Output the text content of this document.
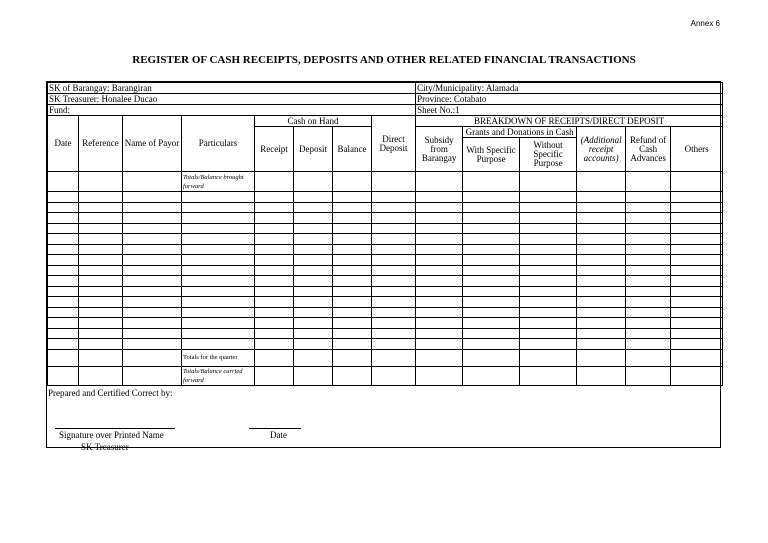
Annex 6
REGISTER OF CASH RECEIPTS, DEPOSITS AND OTHER RELATED FINANCIAL TRANSACTIONS
SK of Barangay: Barangiran								City/Municipality: Alamada					
SK Treasurer: Honalee Ducao								Province: Cotabato					
Fund:								Sheet No.:1					
Date	Reference	Name of Payor	Particulars	Cash on Hand			Direct Deposit	BREAKDOWN OF RECEIPTS/DIRECT DEPOSIT					
				Receipt	Deposit	Balance		Subsidy from Barangay	Grants and Donations in Cash		(Additional receipt accounts)	Refund of Cash Advances	Others
									With Specific Purpose	Without Specific Purpose			
			Totals/Balance brought forward										

			Totals for the quarter										
			Totals/Balance carried forward										
Prepared and Certified Correct by:
Signature over Printed Name
SK Treasurer
Date
